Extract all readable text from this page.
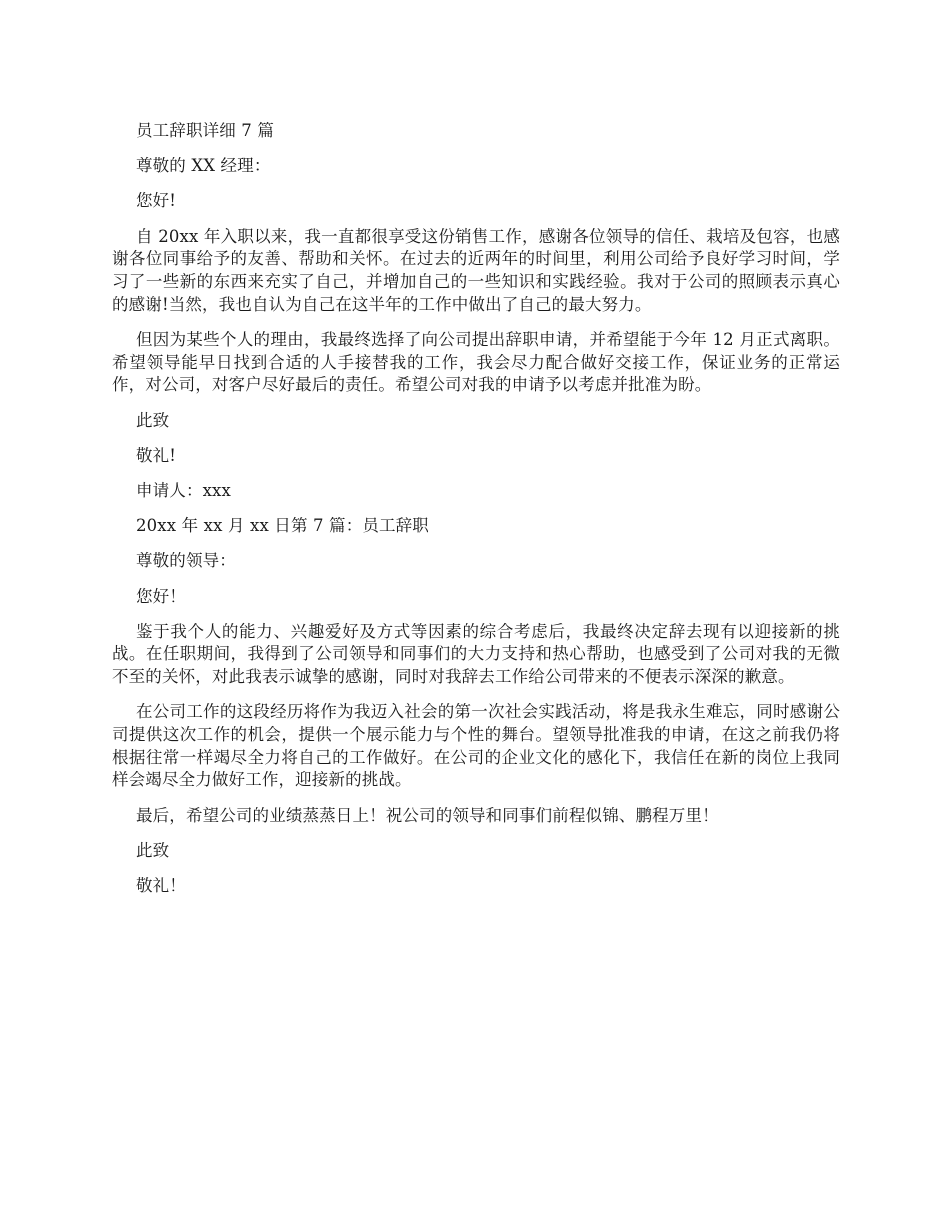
员工辞职详细 7 篇

尊敬的 XX 经理：

您好!

自 20xx 年入职以来，我一直都很享受这份销售工作，感谢各位领导的信任、栽培及包容，也感谢各位同事给予的友善、帮助和关怀。在过去的近两年的时间里，利用公司给予良好学习时间，学习了一些新的东西来充实了自己，并增加自己的一些知识和实践经验。我对于公司的照顾表示真心的感谢!当然，我也自认为自己在这半年的工作中做出了自己的最大努力。

但因为某些个人的理由，我最终选择了向公司提出辞职申请，并希望能于今年 12 月正式离职。希望领导能早日找到合适的人手接替我的工作，我会尽力配合做好交接工作，保证业务的正常运作，对公司，对客户尽好最后的责任。希望公司对我的申请予以考虑并批准为盼。

此致

敬礼!

申请人：xxx

20xx 年 xx 月 xx 日第 7 篇：员工辞职

尊敬的领导：

您好！

鉴于我个人的能力、兴趣爱好及方式等因素的综合考虑后，我最终决定辞去现有以迎接新的挑战。在任职期间，我得到了公司领导和同事们的大力支持和热心帮助，也感受到了公司对我的无微不至的关怀，对此我表示诚挚的感谢，同时对我辞去工作给公司带来的不便表示深深的歉意。

在公司工作的这段经历将作为我迈入社会的第一次社会实践活动，将是我永生难忘，同时感谢公司提供这次工作的机会，提供一个展示能力与个性的舞台。望领导批准我的申请，在这之前我仍将根据往常一样竭尽全力将自己的工作做好。在公司的企业文化的感化下，我信任在新的岗位上我同样会竭尽全力做好工作，迎接新的挑战。

最后，希望公司的业绩蒸蒸日上！祝公司的领导和同事们前程似锦、鹏程万里！

此致

敬礼！
